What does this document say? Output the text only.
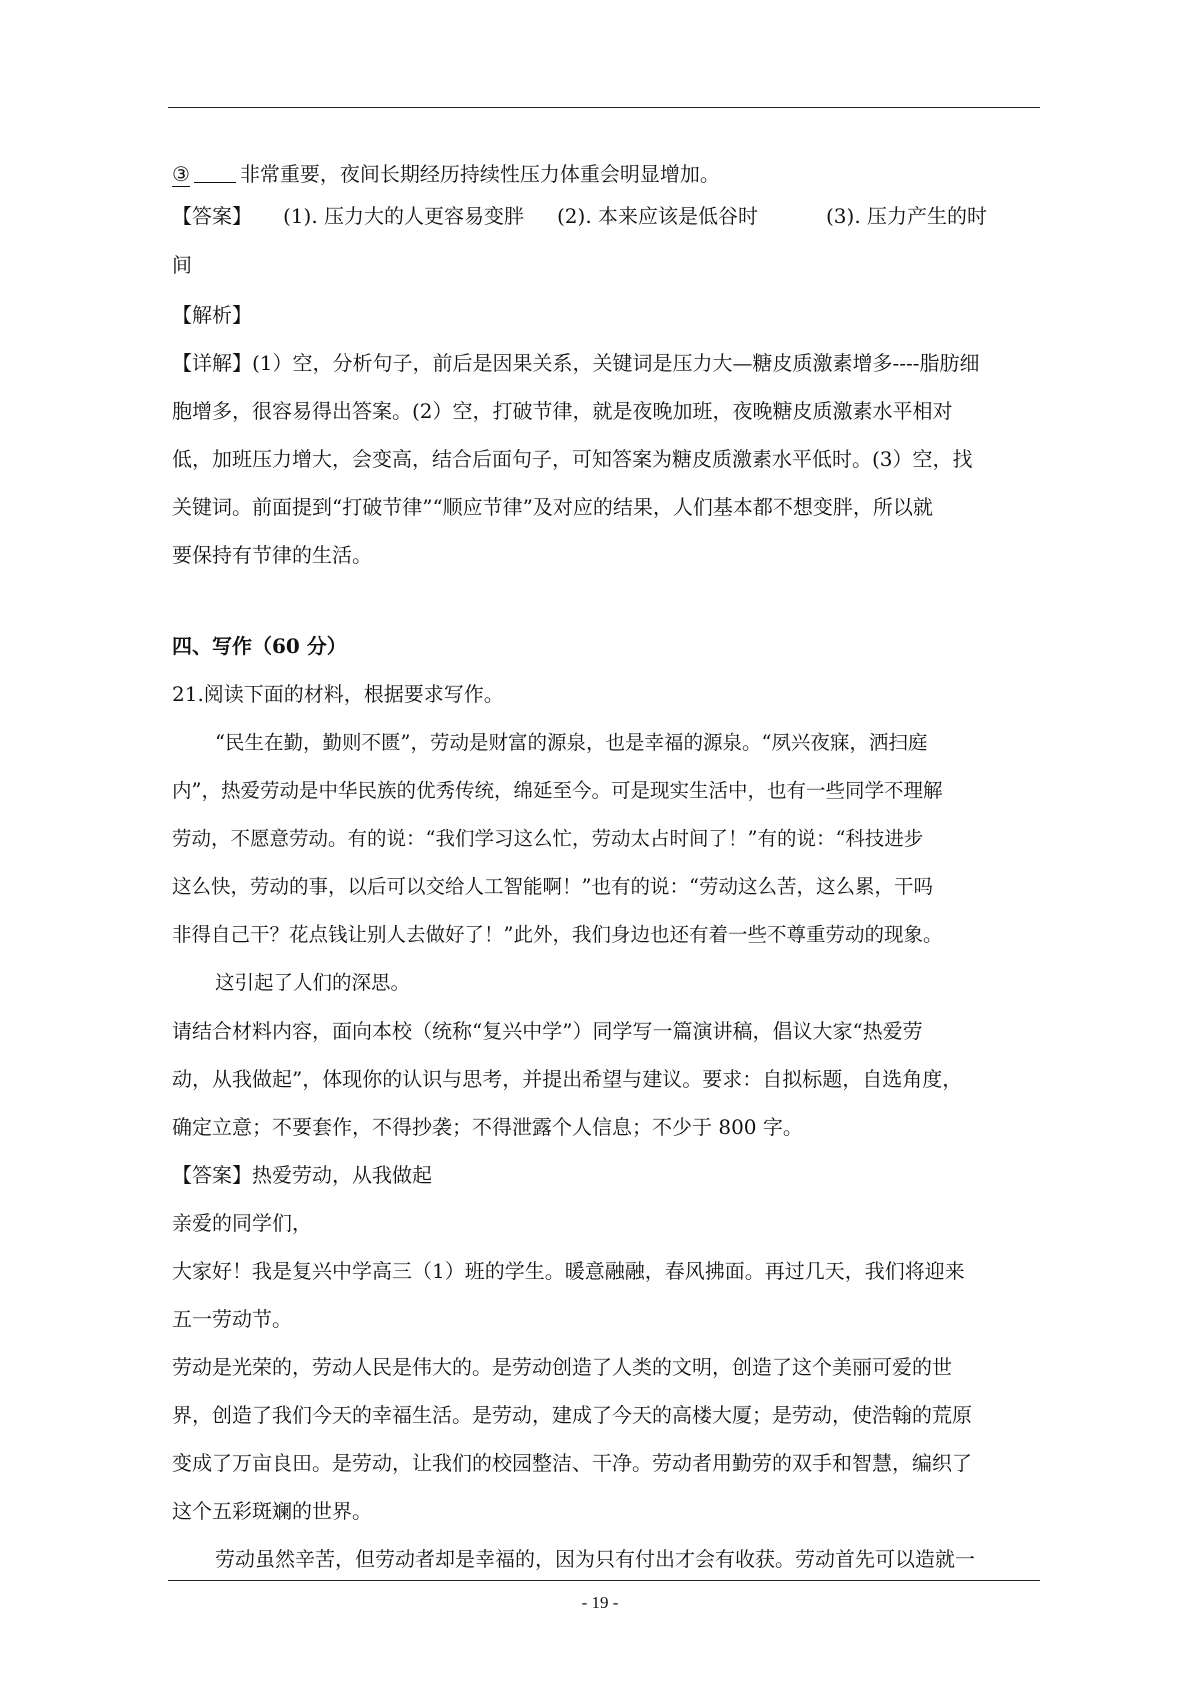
③	非常重要，夜间长期经历持续性压力体重会明显增加。
【答案】 (1). 压力大的人更容易变胖 (2). 本来应该是低谷时	(3). 压力产生的时
间
【解析】
【详解】(1）空，分析句子，前后是因果关系，关键词是压力大—糖皮质激素增多----脂肪细
胞增多，很容易得出答案。(2）空，打破节律，就是夜晚加班，夜晚糖皮质激素水平相对
低，加班压力增大，会变高，结合后面句子，可知答案为糖皮质激素水平低时。(3）空，找
关键词。前面提到“打破节律”“顺应节律”及对应的结果，人们基本都不想变胖，所以就
要保持有节律的生活。
四、写作（60 分）
21.阅读下面的材料，根据要求写作。
“民生在勤，勤则不匮”，劳动是财富的源泉，也是幸福的源泉。“夙兴夜寐，洒扫庭
内”，热爱劳动是中华民族的优秀传统，绵延至今。可是现实生活中，也有一些同学不理解
劳动，不愿意劳动。有的说：“我们学习这么忙，劳动太占时间了！”有的说：“科技进步
这么快，劳动的事，以后可以交给人工智能啊！”也有的说：“劳动这么苦，这么累，干吗
非得自己干？花点钱让别人去做好了！”此外，我们身边也还有着一些不尊重劳动的现象。
这引起了人们的深思。
请结合材料内容，面向本校（统称“复兴中学”）同学写一篇演讲稿，倡议大家“热爱劳
动，从我做起”，体现你的认识与思考，并提出希望与建议。要求：自拟标题，自选角度，
确定立意；不要套作，不得抄袭；不得泄露个人信息；不少于 800 字。
【答案】热爱劳动，从我做起
亲爱的同学们，
大家好！我是复兴中学高三（1）班的学生。暖意融融，春风拂面。再过几天，我们将迎来
五一劳动节。
劳动是光荣的，劳动人民是伟大的。是劳动创造了人类的文明，创造了这个美丽可爱的世
界，创造了我们今天的幸福生活。是劳动，建成了今天的高楼大厦；是劳动，使浩翰的荒原
变成了万亩良田。是劳动，让我们的校园整洁、干净。劳动者用勤劳的双手和智慧，编织了
这个五彩斑斓的世界。
劳动虽然辛苦，但劳动者却是幸福的，因为只有付出才会有收获。劳动首先可以造就一
- 19 -
